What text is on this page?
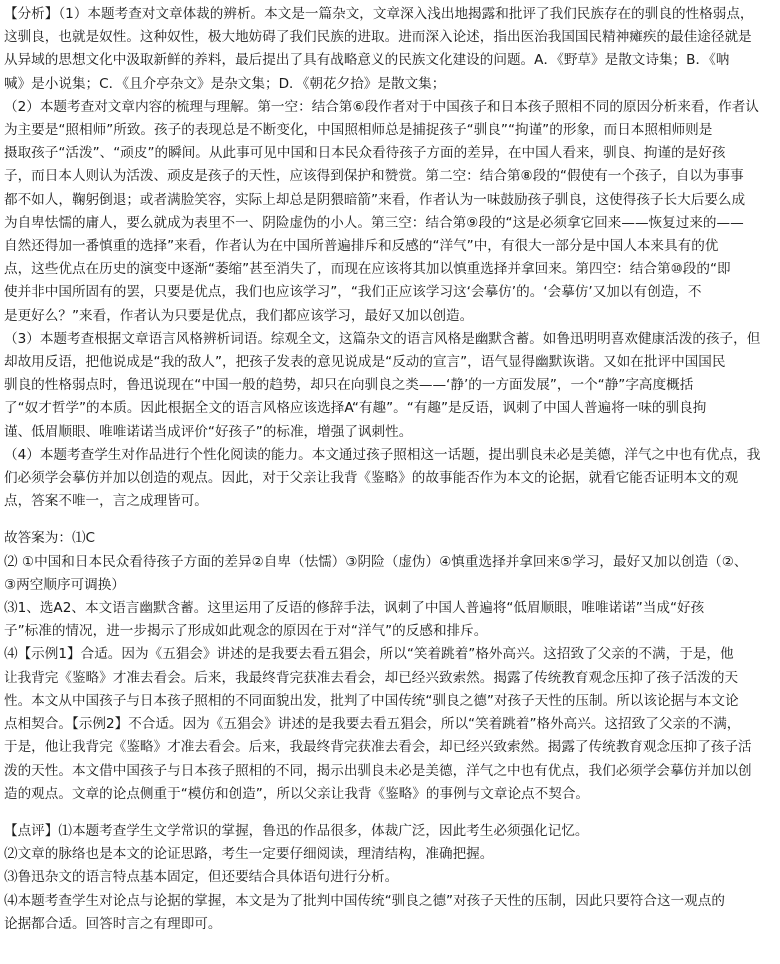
【分析】（1）本题考查对文章体裁的辨析。本文是一篇杂文，文章深入浅出地揭露和批评了我们民族存在的驯良的性格弱点，
这驯良，也就是奴性。这种奴性，极大地妨碍了我们民族的进取。进而深入论述，指出医治我国国民精神瘫疾的最佳途径就是
从异域的思想文化中汲取新鲜的养料，最后提出了具有战略意义的民族文化建设的问题。A．《野草》是散文诗集；B．《呐
喊》是小说集；C．《且介亭杂文》是杂文集；D．《朝花夕拾》是散文集；
（2）本题考查对文章内容的梳理与理解。第一空：结合第⑥段作者对于中国孩子和日本孩子照相不同的原因分析来看，作者认
为主要是“照相师”所致。孩子的表现总是不断变化，中国照相师总是捕捉孩子“驯良”“拘谨”的形象，而日本照相师则是
摄取孩子“活泼”、“顽皮”的瞬间。从此事可见中国和日本民众看待孩子方面的差异，在中国人看来，驯良、拘谨的是好孩
子，而日本人则认为活泼、顽皮是孩子的天性，应该得到保护和赞赏。第二空：结合第⑧段的“假使有一个孩子，自以为事事
都不如人，鞠躬倒退；或者满脸笑容，实际上却总是阴猥暗箭”来看，作者认为一味鼓励孩子驯良，这使得孩子长大后要么成
为自卑怯懦的庸人，要么就成为表里不一、阴险虚伪的小人。第三空：结合第⑨段的“这是必须拿它回来——恢复过来的——
自然还得加一番慎重的选择”来看，作者认为在中国所普遍排斥和反感的“洋气”中，有很大一部分是中国人本来具有的优
点，这些优点在历史的演变中逐渐“萎缩”甚至消失了，而现在应该将其加以慎重选择并拿回来。第四空：结合第⑩段的“即
使并非中国所固有的罢，只要是优点，我们也应该学习”，“我们正应该学习这‘会摹仿’的。‘会摹仿’又加以有创造，不
是更好么？”来看，作者认为只要是优点，我们都应该学习，最好又加以创造。
（3）本题考查根据文章语言风格辨析词语。综观全文，这篇杂文的语言风格是幽默含蓄。如鲁迅明明喜欢健康活泼的孩子，但
却故用反语，把他说成是“我的敌人”，把孩子发表的意见说成是“反动的宣言”，语气显得幽默诙谐。又如在批评中国国民
驯良的性格弱点时，鲁迅说现在“中国一般的趋势，却只在向驯良之类——‘静’的一方面发展”，一个“静”字高度概括
了“奴才哲学”的本质。因此根据全文的语言风格应该选择A“有趣”。“有趣”是反语，讽刺了中国人普遍将一味的驯良拘
谨、低眉顺眼、唯唯诺诺当成评价“好孩子”的标准，增强了讽刺性。
（4）本题考查学生对作品进行个性化阅读的能力。本文通过孩子照相这一话题，提出驯良未必是美德，洋气之中也有优点，我
们必须学会摹仿并加以创造的观点。因此，对于父亲让我背《鉴略》的故事能否作为本文的论据，就看它能否证明本文的观
点，答案不唯一，言之成理皆可。
故答案为：⑴C
⑵ ①中国和日本民众看待孩子方面的差异②自卑（怯懦）③阴险（虚伪）④慎重选择并拿回来⑤学习，最好又加以创造（②、
③两空顺序可调换）
⑶1、选A2、本文语言幽默含蓄。这里运用了反语的修辞手法，讽刺了中国人普遍将“低眉顺眼，唯唯诺诺”当成“好孩
子”标准的情况，进一步揭示了形成如此观念的原因在于对“洋气”的反感和排斥。
⑷【示例1】合适。因为《五猖会》讲述的是我要去看五猖会，所以“笑着跳着”格外高兴。这招致了父亲的不满，于是，他
让我背完《鉴略》才准去看会。后来，我最终背完获准去看会，却已经兴致索然。揭露了传统教育观念压抑了孩子活泼的天
性。本文从中国孩子与日本孩子照相的不同面貌出发，批判了中国传统“驯良之德”对孩子天性的压制。所以该论据与本文论
点相契合。【示例2】不合适。因为《五猖会》讲述的是我要去看五猖会，所以“笑着跳着”格外高兴。这招致了父亲的不满，
于是，他让我背完《鉴略》才准去看会。后来，我最终背完获准去看会，却已经兴致索然。揭露了传统教育观念压抑了孩子活
泼的天性。本文借中国孩子与日本孩子照相的不同，揭示出驯良未必是美德，洋气之中也有优点，我们必须学会摹仿并加以创
造的观点。文章的论点侧重于“模仿和创造”，所以父亲让我背《鉴略》的事例与文章论点不契合。
【点评】⑴本题考查学生文学常识的掌握，鲁迅的作品很多，体裁广泛，因此考生必须强化记忆。
⑵文章的脉络也是本文的论证思路，考生一定要仔细阅读，理清结构，准确把握。
⑶鲁迅杂文的语言特点基本固定，但还要结合具体语句进行分析。
⑷本题考查学生对论点与论据的掌握，本文是为了批判中国传统“驯良之德”对孩子天性的压制，因此只要符合这一观点的
论据都合适。回答时言之有理即可。
